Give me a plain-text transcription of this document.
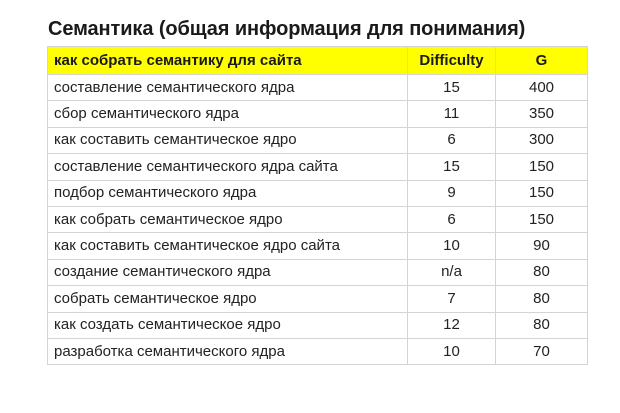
Семантика (общая информация для понимания)
как собрать семантику для сайта	Difficulty	G
составление семантического ядра	15	400
сбор семантического ядра	11	350
как составить семантическое ядро	6	300
составление семантического ядра сайта	15	150
подбор семантического ядра	9	150
как собрать семантическое ядро	6	150
как составить семантическое ядро сайта	10	90
создание семантического ядра	n/a	80
собрать семантическое ядро	7	80
как создать семантическое ядро	12	80
разработка семантического ядра	10	70
